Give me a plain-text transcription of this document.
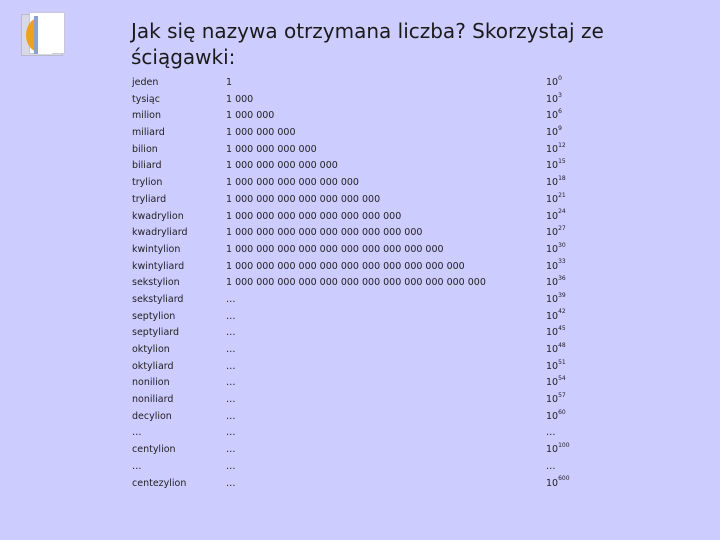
Jak się nazywa otrzymana liczba? Skorzystaj ze ściągawki:
jeden	1	$10^0$
tysiąc	1 000	$10^3$
milion	1 000 000	$10^6$
miliard	1 000 000 000	$10^9$
bilion	1 000 000 000 000	$10^{12}$
biliard	1 000 000 000 000 000	$10^{15}$
trylion	1 000 000 000 000 000 000	$10^{18}$
tryliard	1 000 000 000 000 000 000 000	$10^{21}$
kwadrylion	1 000 000 000 000 000 000 000 000	$10^{24}$
kwadryliard	1 000 000 000 000 000 000 000 000 000	$10^{27}$
kwintylion	1 000 000 000 000 000 000 000 000 000 000	$10^{30}$
kwintyliard	1 000 000 000 000 000 000 000 000 000 000 000	$10^{33}$
sekstylion	1 000 000 000 000 000 000 000 000 000 000 000 000	$10^{36}$
sekstyliard	…	$10^{39}$
septylion	…	$10^{42}$
septyliard	…	$10^{45}$
oktylion	…	$10^{48}$
oktyliard	…	$10^{51}$
nonilion	…	$10^{54}$
noniliard	…	$10^{57}$
decylion	…	$10^{60}$
…	…	…
centylion	…	$10^{100}$
…	…	…
centezylion	…	$10^{600}$
